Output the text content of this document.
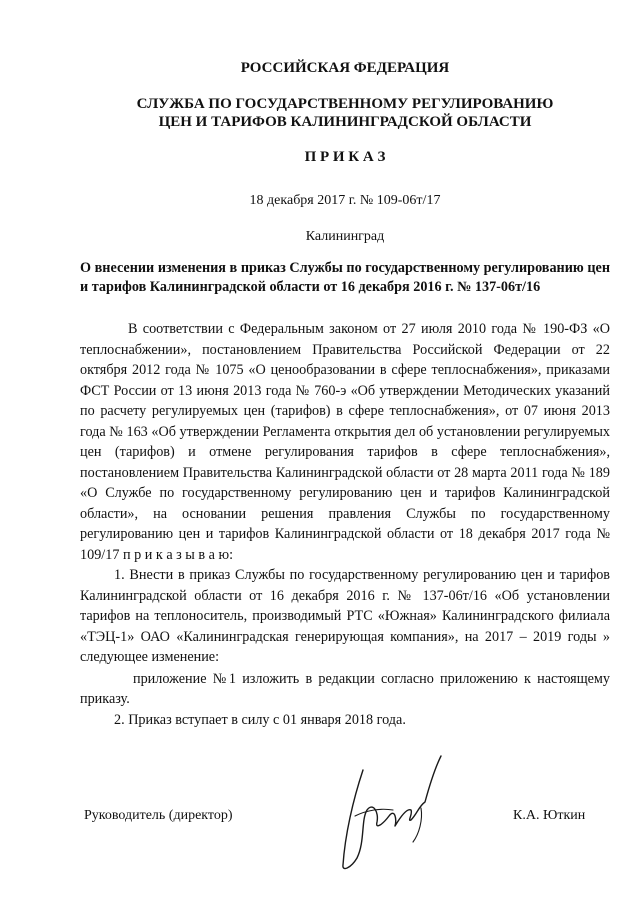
РОССИЙСКАЯ ФЕДЕРАЦИЯ
СЛУЖБА ПО ГОСУДАРСТВЕННОМУ РЕГУЛИРОВАНИЮ
ЦЕН И ТАРИФОВ КАЛИНИНГРАДСКОЙ ОБЛАСТИ
П Р И К А З
18 декабря 2017 г. № 109-06т/17
Калининград
О внесении изменения в приказ Службы по государственному регулированию цен и тарифов Калининградской области от 16 декабря 2016 г. № 137-06т/16

В соответствии с Федеральным законом от 27 июля 2010 года № 190-ФЗ «О теплоснабжении», постановлением Правительства Российской Федерации от 22 октября 2012 года № 1075 «О ценообразовании в сфере теплоснабжения», приказами ФСТ России от 13 июня 2013 года № 760-э «Об утверждении Методических указаний по расчету регулируемых цен (тарифов) в сфере теплоснабжения», от 07 июня 2013 года № 163 «Об утверждении Регламента открытия дел об установлении регулируемых цен (тарифов) и отмене регулирования тарифов в сфере теплоснабжения», постановлением Правительства Калининградской области от 28 марта 2011 года № 189 «О Службе по государственному регулированию цен и тарифов Калининградской области», на основании решения правления Службы по государственному регулированию цен и тарифов Калининградской области от 18 декабря 2017 года № 109/17 п р и к а з ы в а ю:

1. Внести в приказ Службы по государственному регулированию цен и тарифов Калининградской области от 16 декабря 2016 г. № 137-06т/16 «Об установлении тарифов на теплоноситель, производимый РТС «Южная» Калининградского филиала «ТЭЦ-1» ОАО «Калининградская генерирующая компания», на 2017 – 2019 годы » следующее изменение:

приложение №1 изложить в редакции согласно приложению к настоящему приказу.

2. Приказ вступает в силу с 01 января 2018 года.

Руководитель (директор)	К.А. Юткин
